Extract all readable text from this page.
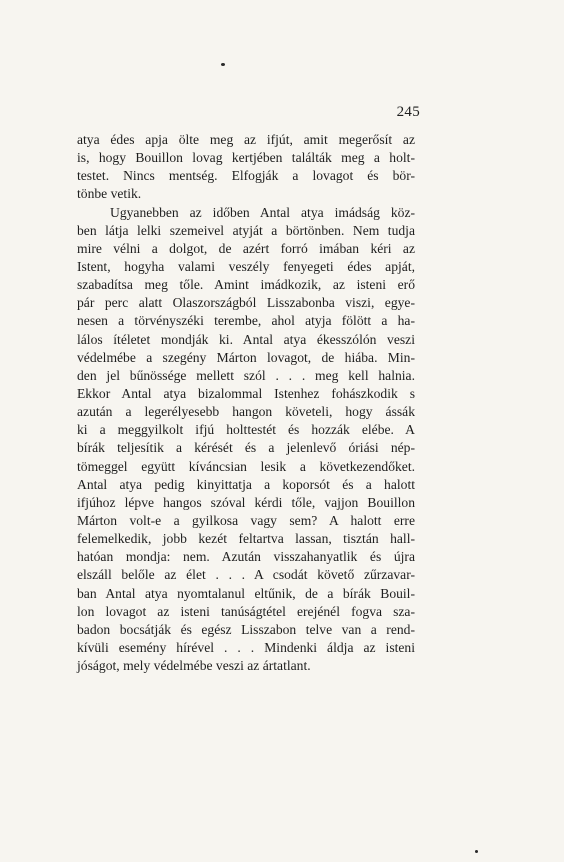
245
atya édes apja ölte meg az ifjút, amit megerősít az
is, hogy Bouillon lovag kertjében találták meg a holt-
testet. Nincs mentség. Elfogják a lovagot és bör-
tönbe vetik.
Ugyanebben az időben Antal atya imádság köz-
ben látja lelki szemeivel atyját a börtönben. Nem tudja
mire vélni a dolgot, de azért forró imában kéri az
Istent, hogyha valami veszély fenyegeti édes apját,
szabadítsa meg tőle. Amint imádkozik, az isteni erő
pár perc alatt Olaszországból Lisszabonba viszi, egye-
nesen a törvényszéki terembe, ahol atyja fölött a ha-
lálos ítéletet mondják ki. Antal atya ékesszólón veszi
védelmébe a szegény Márton lovagot, de hiába. Min-
den jel bűnössége mellett szól . . . meg kell halnia.
Ekkor Antal atya bizalommal Istenhez fohászkodik s
azután a legerélyesebb hangon követeli, hogy ássák
ki a meggyilkolt ifjú holttestét és hozzák elébe. A
bírák teljesítik a kérését és a jelenlevő óriási nép-
tömeggel együtt kíváncsian lesik a következendőket.
Antal atya pedig kinyittatja a koporsót és a halott
ifjúhoz lépve hangos szóval kérdi tőle, vajjon Bouillon
Márton volt-e a gyilkosa vagy sem? A halott erre
felemelkedik, jobb kezét feltartva lassan, tisztán hall-
hatóan mondja: nem. Azután visszahanyatlik és újra
elszáll belőle az élet . . . A csodát követő zűrzavar-
ban Antal atya nyomtalanul eltűnik, de a bírák Bouil-
lon lovagot az isteni tanúságtétel erejénél fogva sza-
badon bocsátják és egész Lisszabon telve van a rend-
kívüli esemény hírével . . . Mindenki áldja az isteni
jóságot, mely védelmébe veszi az ártatlant.
